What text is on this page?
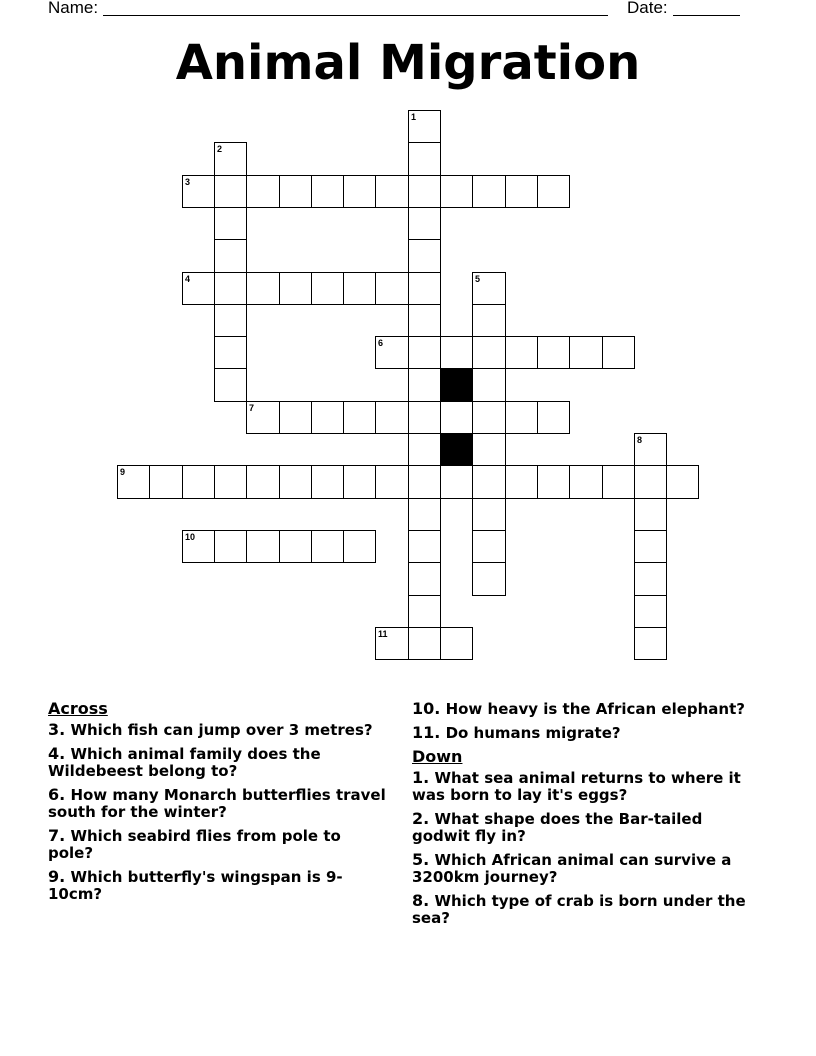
Name:	Date:
Animal Migration
1
2
3
4	5
6
7
8
9
10
11
Across
3. Which fish can jump over 3 metres?
4. Which animal family does the Wildebeest belong to?
6. How many Monarch butterflies travel south for the winter?
7. Which seabird flies from pole to pole?
9. Which butterfly's wingspan is 9-10cm?
10. How heavy is the African elephant?
11. Do humans migrate?
Down
1. What sea animal returns to where it was born to lay it's eggs?
2. What shape does the Bar-tailed godwit fly in?
5. Which African animal can survive a 3200km journey?
8. Which type of crab is born under the sea?
